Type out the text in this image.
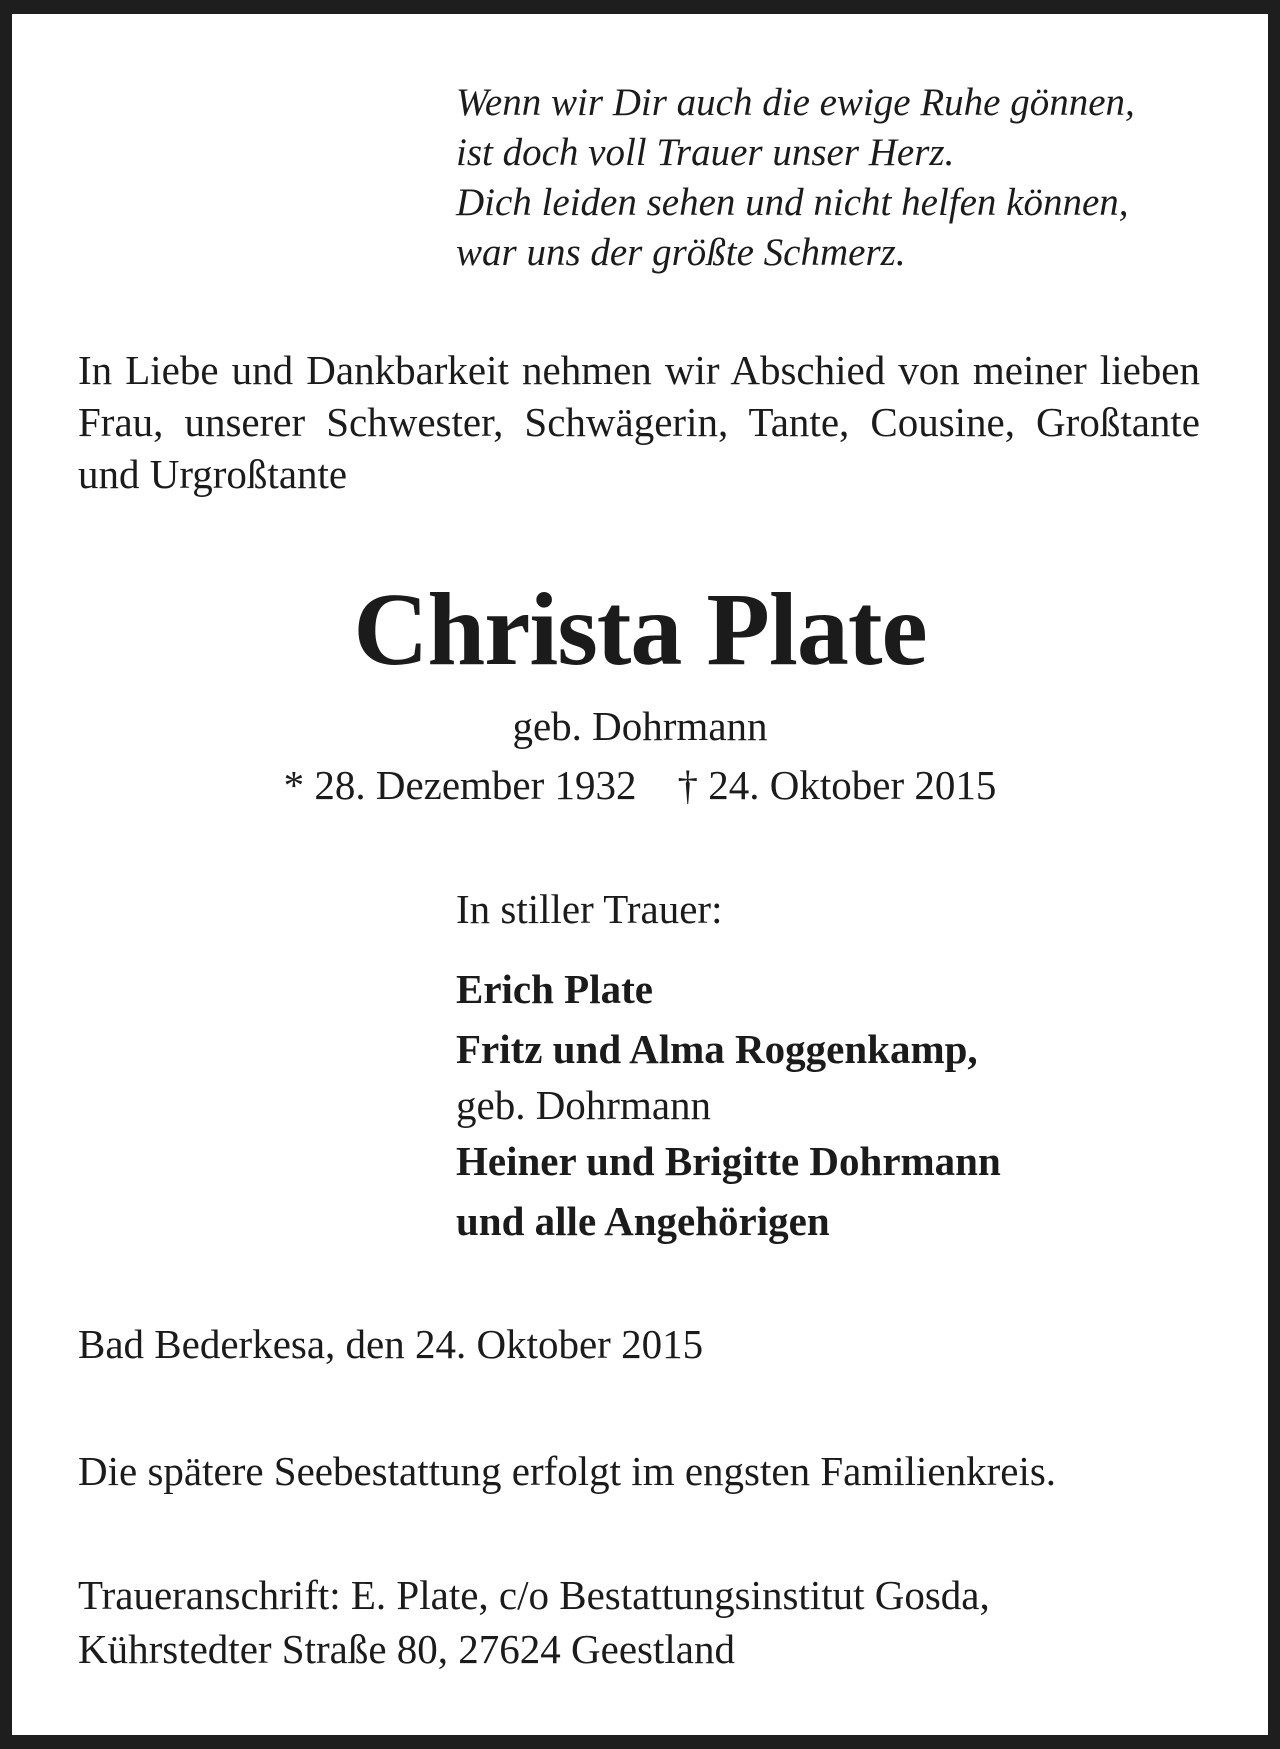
Wenn wir Dir auch die ewige Ruhe gönnen,
ist doch voll Trauer unser Herz.
Dich leiden sehen und nicht helfen können,
war uns der größte Schmerz.
In Liebe und Dankbarkeit nehmen wir Abschied von meiner lieben Frau, unserer Schwester, Schwägerin, Tante, Cousine, Großtante und Urgroßtante
Christa Plate
geb. Dohrmann
* 28. Dezember 1932 † 24. Oktober 2015
In stiller Trauer:
Erich Plate
Fritz und Alma Roggenkamp,
geb. Dohrmann
Heiner und Brigitte Dohrmann
und alle Angehörigen
Bad Bederkesa, den 24. Oktober 2015
Die spätere Seebestattung erfolgt im engsten Familienkreis.
Traueranschrift: E. Plate, c/o Bestattungsinstitut Gosda,
Kührstedter Straße 80, 27624 Geestland
